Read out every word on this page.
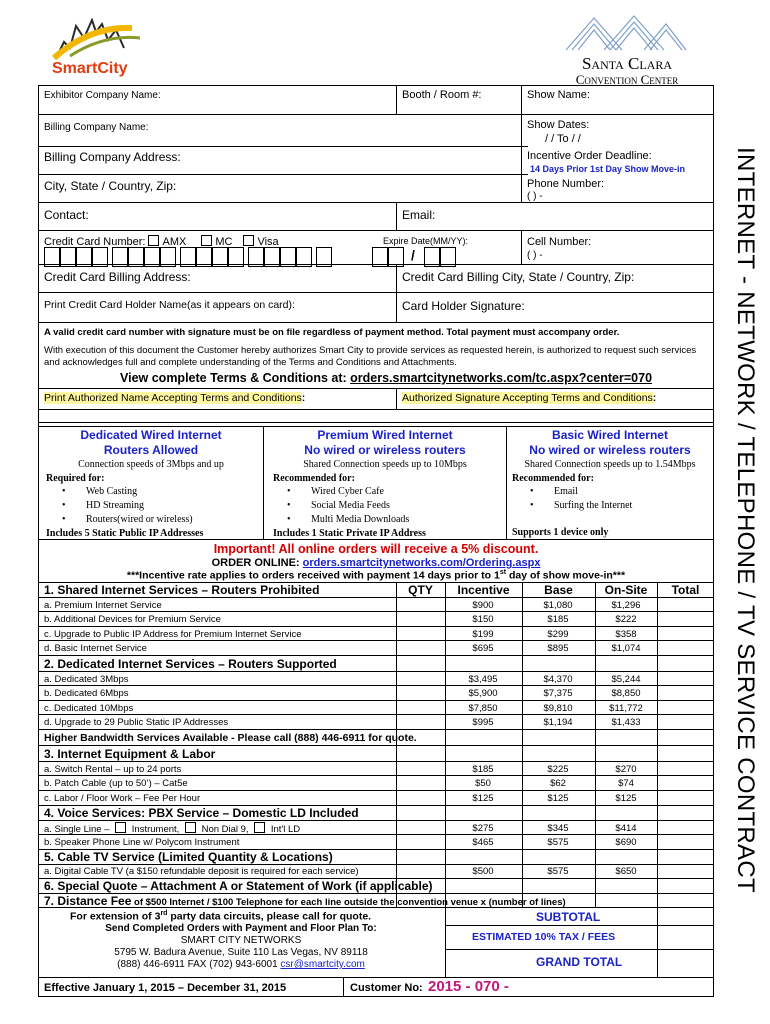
SmartCity	Santa Clara
Convention Center
INTERNET - NETWORK / TELEPHONE / TV SERVICE CONTRACT
Exhibitor Company Name:	Booth / Room #:	Show Name:
Billing Company Name:	Show Dates:
/ / To / /
Billing Company Address:	Incentive Order Deadline:
14 Days Prior 1st Day Show Move-in
City, State / Country, Zip:	Phone Number:
( ) -
Contact:	Email:
Credit Card Number: AMX	MC Visa	Expire Date(MM/YY):	Cell Number:
( ) -
/
Credit Card Billing Address:	Credit Card Billing City, State / Country, Zip:
Print Credit Card Holder Name(as it appears on card):	Card Holder Signature:
A valid credit card number with signature must be on file regardless of payment method. Total payment must accompany order.
With execution of this document the Customer hereby authorizes Smart City to provide services as requested herein, is authorized to request such services and acknowledges full and complete understanding of the Terms and Conditions and Attachments.
View complete Terms & Conditions at: orders.smartcitynetworks.com/tc.aspx?center=070
Print Authorized Name Accepting Terms and Conditions:	Authorized Signature Accepting Terms and Conditions:
Dedicated Wired Internet
Routers Allowed
Connection speeds of 3Mbps and up
Required for:
• Web Casting
• HD Streaming
• Routers(wired or wireless)
Includes 5 Static Public IP Addresses
Premium Wired Internet
No wired or wireless routers
Shared Connection speeds up to 10Mbps
Recommended for:
• Wired Cyber Cafe
• Social Media Feeds
• Multi Media Downloads
Includes 1 Static Private IP Address
Basic Wired Internet
No wired or wireless routers
Shared Connection speeds up to 1.54Mbps
Recommended for:
• Email
• Surfing the Internet
Supports 1 device only
Important! All online orders will receive a 5% discount.
ORDER ONLINE: orders.smartcitynetworks.com/Ordering.aspx
***Incentive rate applies to orders received with payment 14 days prior to 1st day of show move-in***
1. Shared Internet Services – Routers Prohibited	QTY	Incentive	Base	On-Site	Total
a. Premium Internet Service	$900	$1,080	$1,296
b. Additional Devices for Premium Service	$150	$185	$222
c. Upgrade to Public IP Address for Premium Internet Service	$199	$299	$358
d. Basic Internet Service	$695	$895	$1,074
2. Dedicated Internet Services – Routers Supported
a. Dedicated 3Mbps	$3,495	$4,370	$5,244
b. Dedicated 6Mbps	$5,900	$7,375	$8,850
c. Dedicated 10Mbps	$7,850	$9,810	$11,772
d. Upgrade to 29 Public Static IP Addresses	$995	$1,194	$1,433
Higher Bandwidth Services Available - Please call (888) 446-6911 for quote.
3. Internet Equipment & Labor
a. Switch Rental – up to 24 ports	$185	$225	$270
b. Patch Cable (up to 50’) – Cat5e	$50	$62	$74
c. Labor / Floor Work – Fee Per Hour	$125	$125	$125
4. Voice Services: PBX Service – Domestic LD Included
a. Single Line –  Instrument,  Non Dial 9,  Int'l LD	$275	$345	$414
b. Speaker Phone Line w/ Polycom Instrument	$465	$575	$690
5. Cable TV Service (Limited Quantity & Locations)
a. Digital Cable TV (a $150 refundable deposit is required for each service)	$500	$575	$650
6. Special Quote – Attachment A or Statement of Work (if applicable)
7. Distance Fee of $500 Internet / $100 Telephone for each line outside the convention venue x (number of lines)
For extension of 3rd party data circuits, please call for quote.
Send Completed Orders with Payment and Floor Plan To:
SMART CITY NETWORKS
5795 W. Badura Avenue, Suite 110 Las Vegas, NV 89118
(888) 446-6911 FAX (702) 943-6001 csr@smartcity.com
SUBTOTAL
ESTIMATED 10% TAX / FEES
GRAND TOTAL
Effective January 1, 2015 – December 31, 2015	Customer No: 2015 - 070 -
